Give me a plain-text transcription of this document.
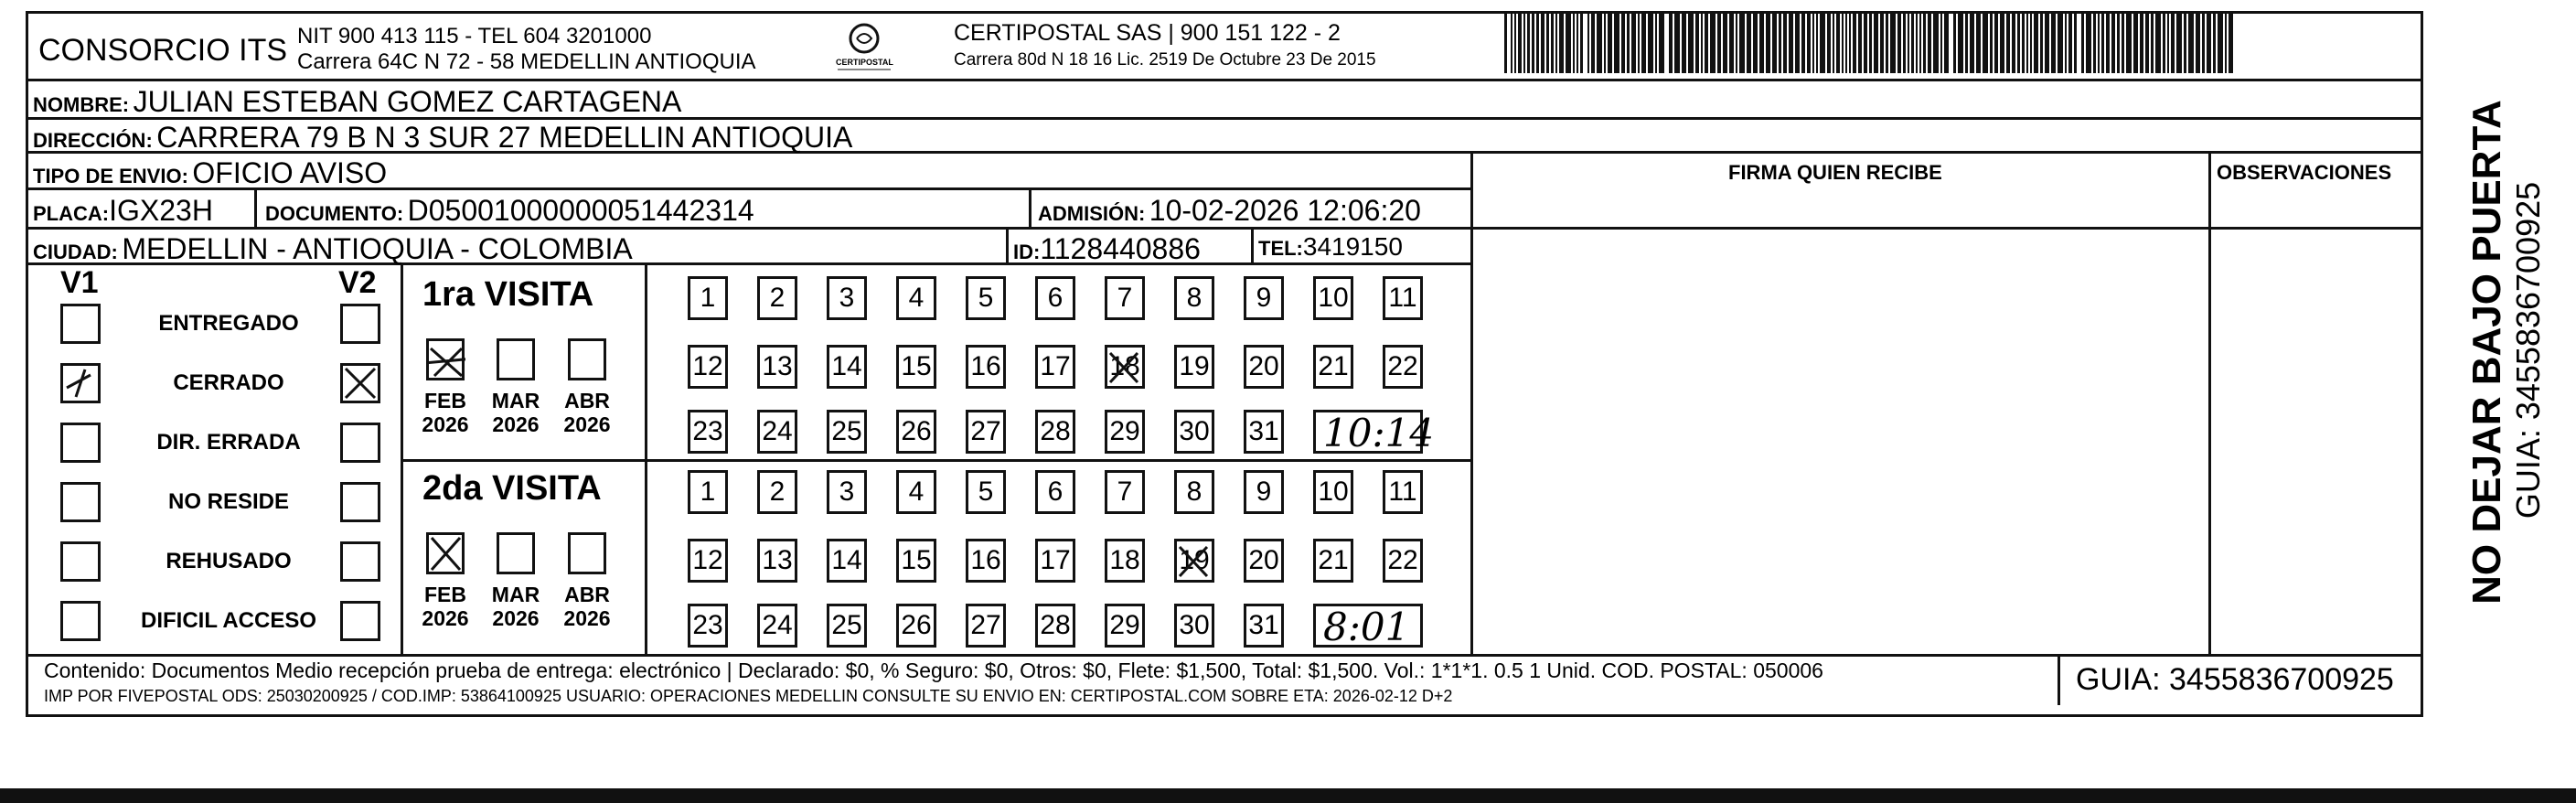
CONSORCIO ITS NIT 900 413 115 - TEL 604 3201000
Carrera 64C N 72 - 58 MEDELLIN ANTIOQUIA	CERTIPOSTAL
CERTIPOSTAL SAS | 900 151 122 - 2
Carrera 80d N 18 16 Lic. 2519 De Octubre 23 De 2015
NOMBRE: JULIAN ESTEBAN GOMEZ CARTAGENA
DIRECCIÓN: CARRERA 79 B N 3 SUR 27 MEDELLIN ANTIOQUIA
TIPO DE ENVIO: OFICIO AVISO
PLACA:IGX23H	DOCUMENTO: D05001000000051442314	ADMISIÓN: 10-02-2026 12:06:20
CIUDAD: MEDELLIN - ANTIOQUIA - COLOMBIA	ID:1128440886	TEL:3419150
FIRMA QUIEN RECIBE	OBSERVACIONES
V1	V2
ENTREGADO
CERRADO
DIR. ERRADA
NO RESIDE
REHUSADO
DIFICIL ACCESO
1ra VISITA
2da VISITA
FEB
2026
MAR
2026
ABR
2026
1	2	3	4	5	6	7	8	9	10 11
12 13 14 15 16 17 18 19 20 21 22
23 24 25 26 27 28 29 30 31 10:14
FEB
2026
MAR
2026
ABR
2026
1	2	3	4	5	6	7	8	9	10 11
12 13 14 15 16 17 18 19 20 21 22
23 24 25 26 27 28 29 30 31 8:01
Contenido: Documentos Medio recepción prueba de entrega: electrónico | Declarado: $0, % Seguro: $0, Otros: $0, Flete: $1,500, Total: $1,500. Vol.: 1*1*1. 0.5 1 Unid. COD. POSTAL: 050006
IMP POR FIVEPOSTAL ODS: 25030200925 / COD.IMP: 53864100925 USUARIO: OPERACIONES MEDELLIN CONSULTE SU ENVIO EN: CERTIPOSTAL.COM SOBRE ETA: 2026-02-12 D+2	GUIA: 3455836700925
NO DEJAR BAJO PUERTA GUIA: 3455836700925
